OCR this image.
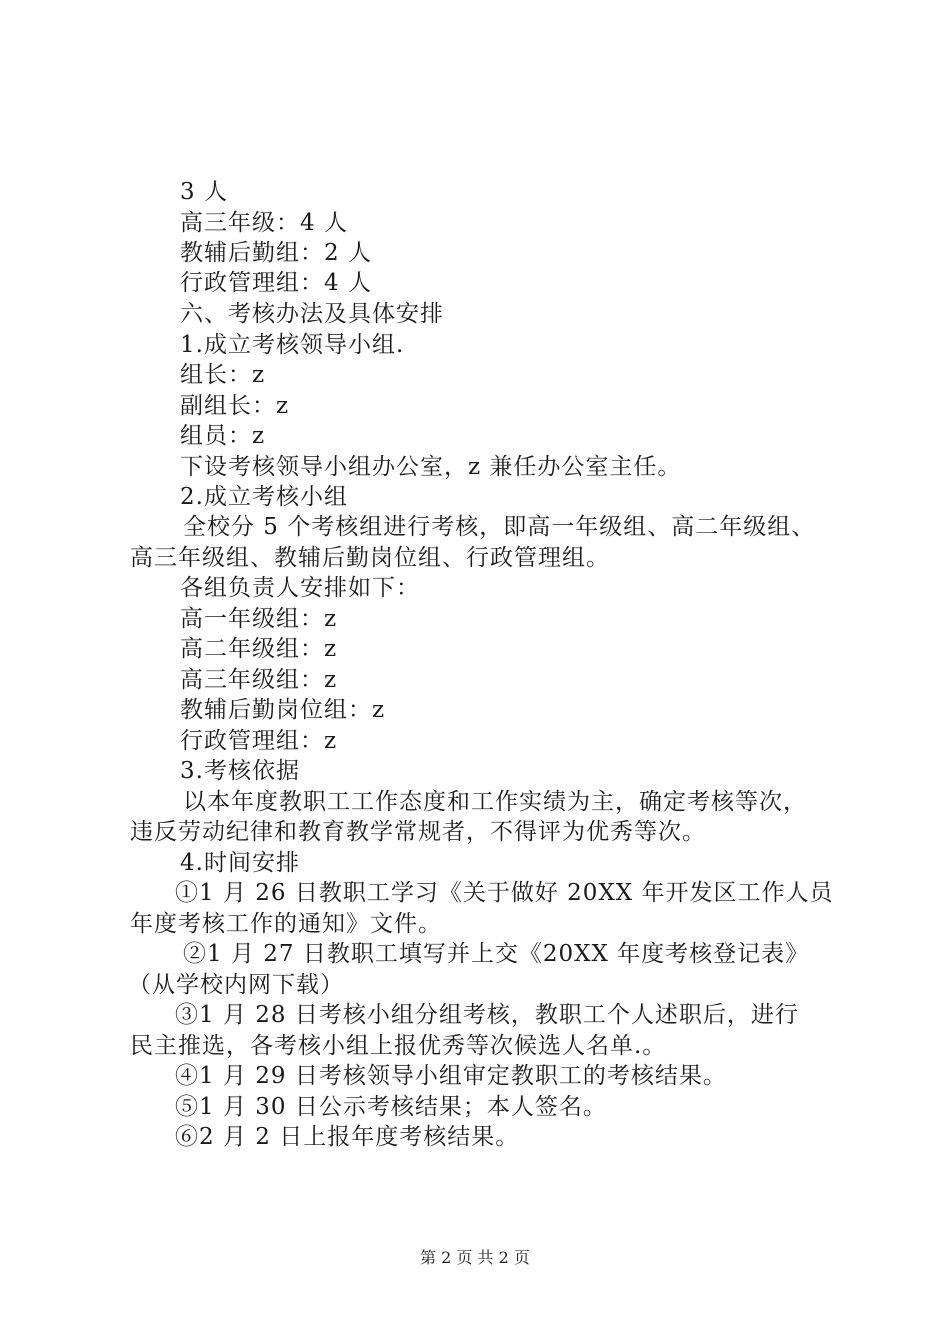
3 人
高三年级：4 人
教辅后勤组：2 人
行政管理组：4 人
六、考核办法及具体安排
1.成立考核领导小组.
组长：z
副组长：z
组员：z
下设考核领导小组办公室，z 兼任办公室主任。
2.成立考核小组
全校分 5 个考核组进行考核，即高一年级组、高二年级组、
高三年级组、教辅后勤岗位组、行政管理组。
各组负责人安排如下：
高一年级组：z
高二年级组：z
高三年级组：z
教辅后勤岗位组：z
行政管理组：z
3.考核依据
以本年度教职工工作态度和工作实绩为主，确定考核等次，
违反劳动纪律和教育教学常规者，不得评为优秀等次。
4.时间安排
①1 月 26 日教职工学习《关于做好 20XX 年开发区工作人员
年度考核工作的通知》文件。
②1 月 27 日教职工填写并上交《20XX 年度考核登记表》
（从学校内网下载）
③1 月 28 日考核小组分组考核，教职工个人述职后，进行
民主推选，各考核小组上报优秀等次候选人名单.。
④1 月 29 日考核领导小组审定教职工的考核结果。
⑤1 月 30 日公示考核结果；本人签名。
⑥2 月 2 日上报年度考核结果。
第 2 页 共 2 页
